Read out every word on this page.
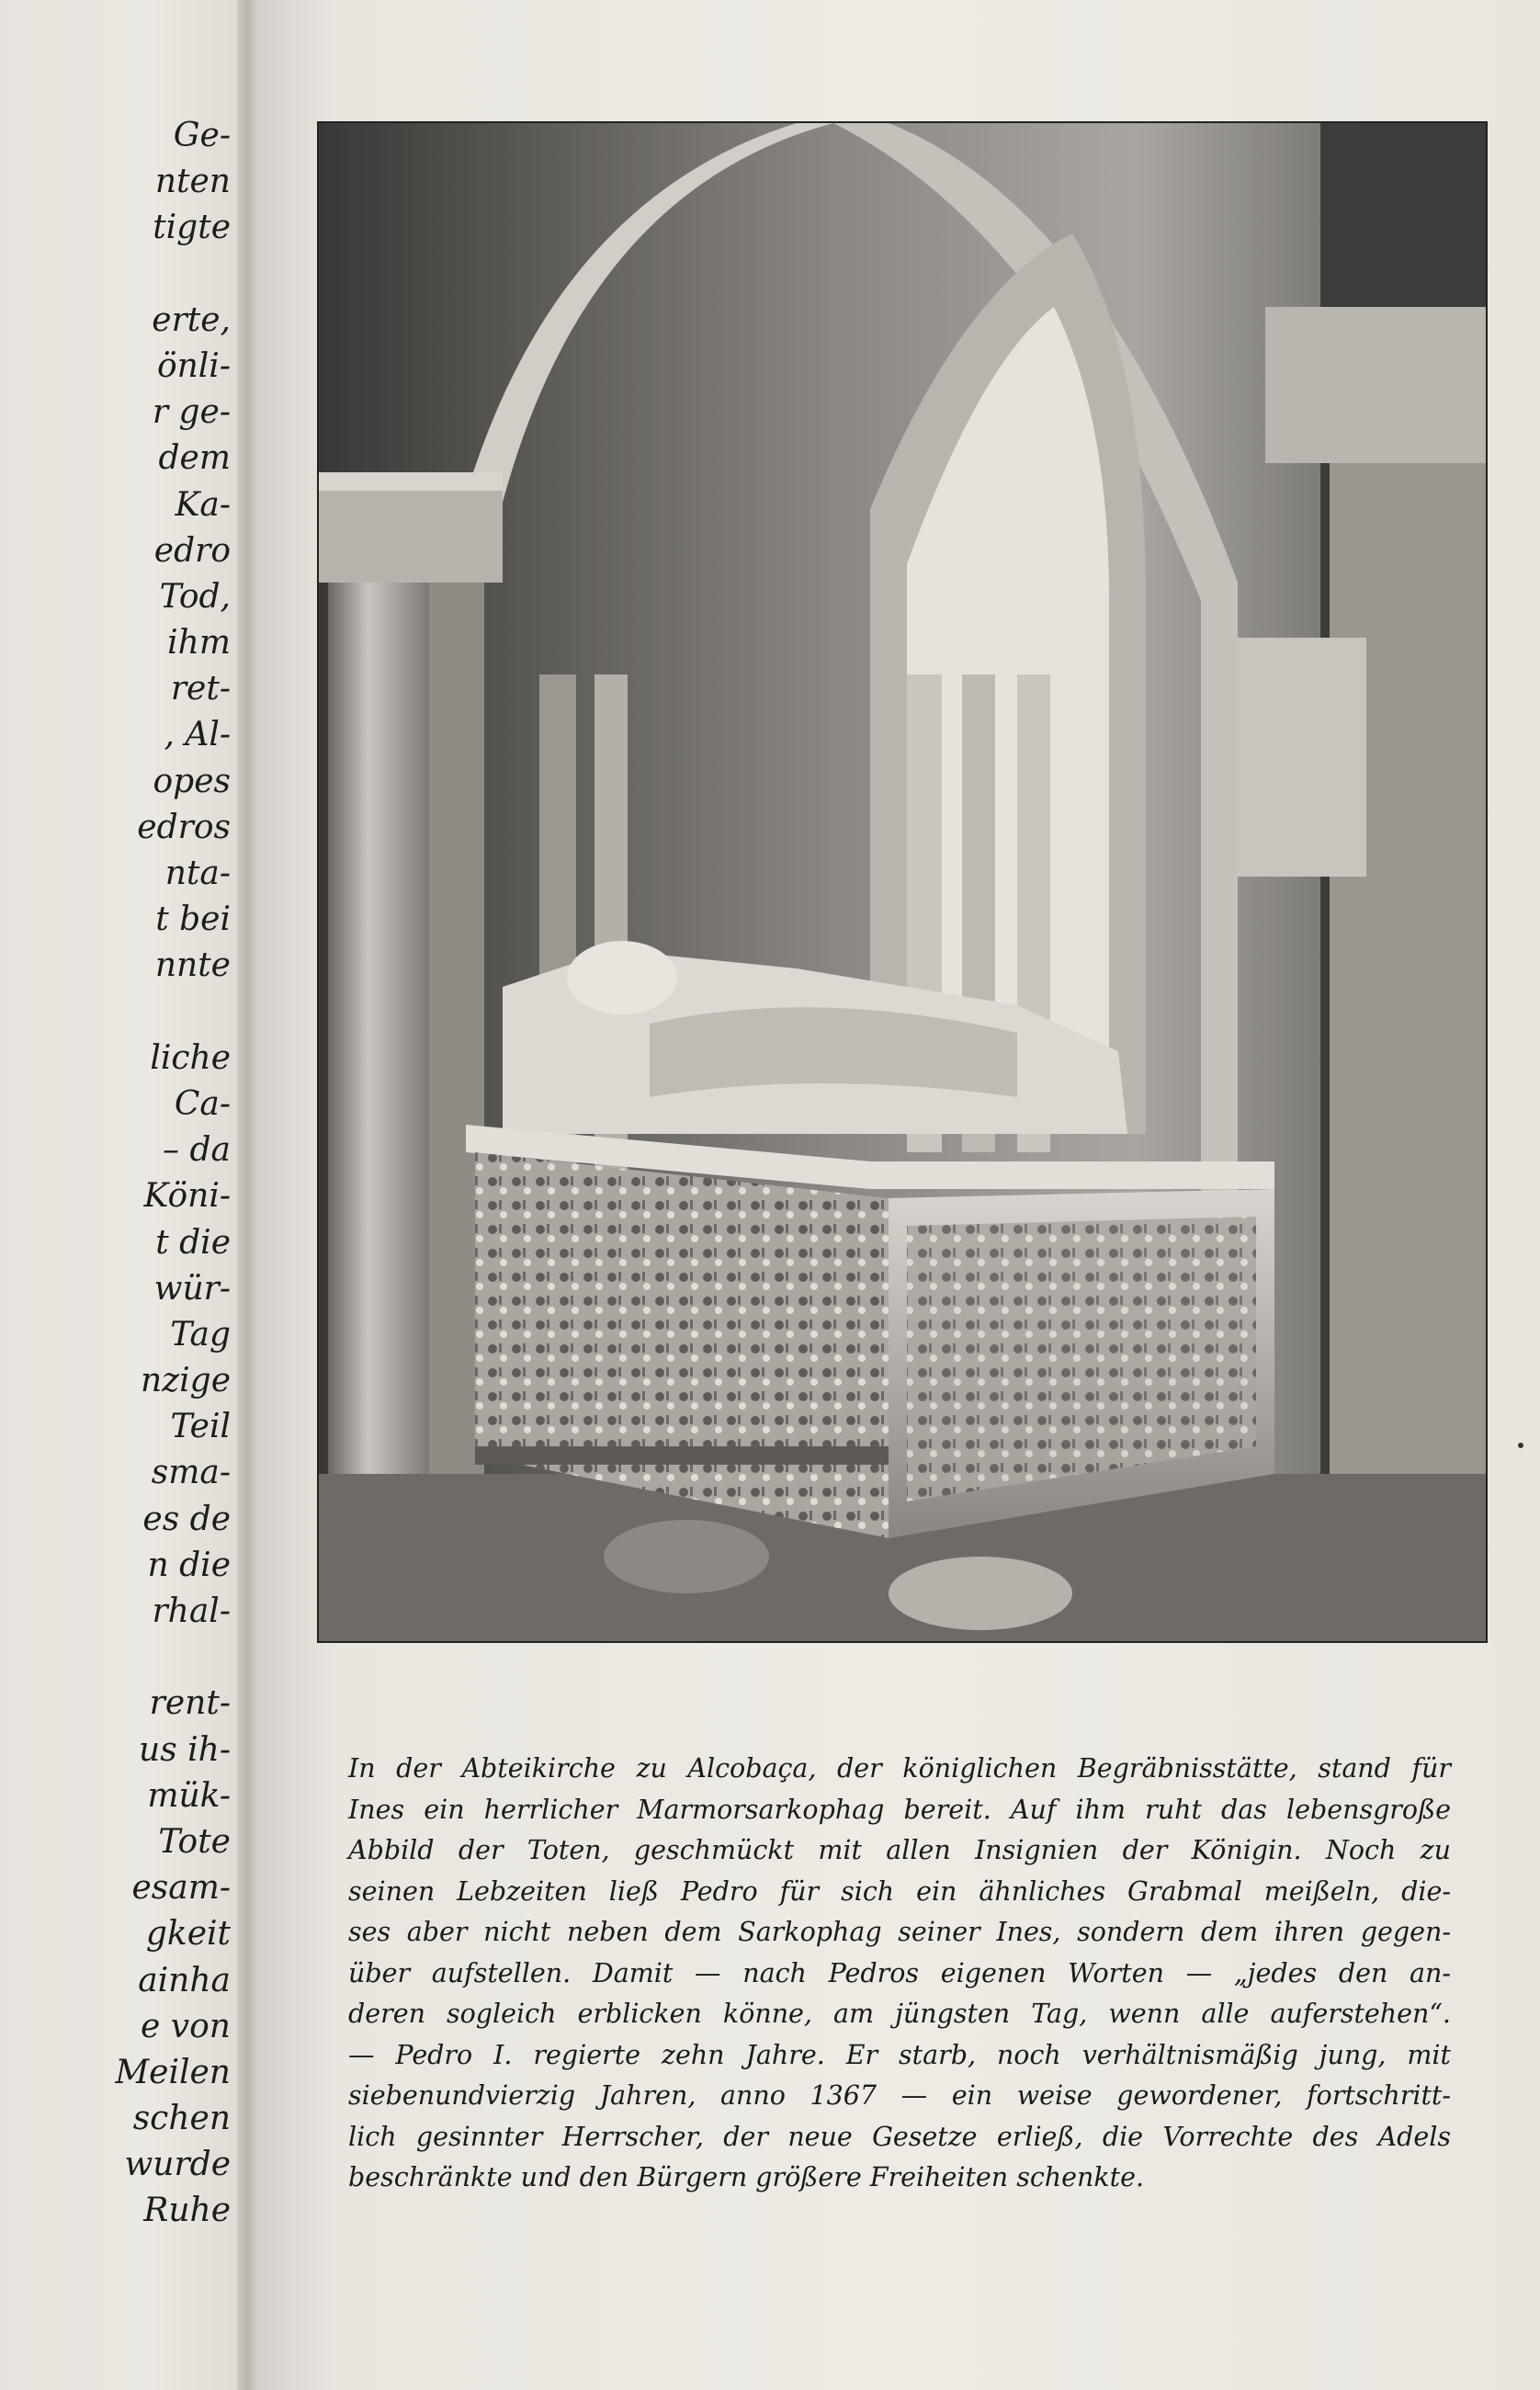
Ge-
nten
tigte
erte,
önli-
r ge-
dem
Ka-
edro
Tod,
ihm
ret-
, Al-
opes
edros
nta-
t bei
nnte
liche
Ca-
– da
Köni-
t die
wür-
Tag
nzige
Teil
sma-
es de
n die
rhal-
rent-
us ih-
mük-
Tote
esam-
gkeit
ainha
e von
Meilen
schen
wurde
Ruhe
In der Abteikirche zu Alcobaça, der königlichen Begräbnisstätte, stand für
Ines ein herrlicher Marmorsarkophag bereit. Auf ihm ruht das lebensgroße
Abbild der Toten, geschmückt mit allen Insignien der Königin. Noch zu
seinen Lebzeiten ließ Pedro für sich ein ähnliches Grabmal meißeln, die-
ses aber nicht neben dem Sarkophag seiner Ines, sondern dem ihren gegen-
über aufstellen. Damit — nach Pedros eigenen Worten — „jedes den an-
deren sogleich erblicken könne, am jüngsten Tag, wenn alle auferstehen“.
— Pedro I. regierte zehn Jahre. Er starb, noch verhältnismäßig jung, mit
siebenundvierzig Jahren, anno 1367 — ein weise gewordener, fortschritt-
lich gesinnter Herrscher, der neue Gesetze erließ, die Vorrechte des Adels
beschränkte und den Bürgern größere Freiheiten schenkte.
